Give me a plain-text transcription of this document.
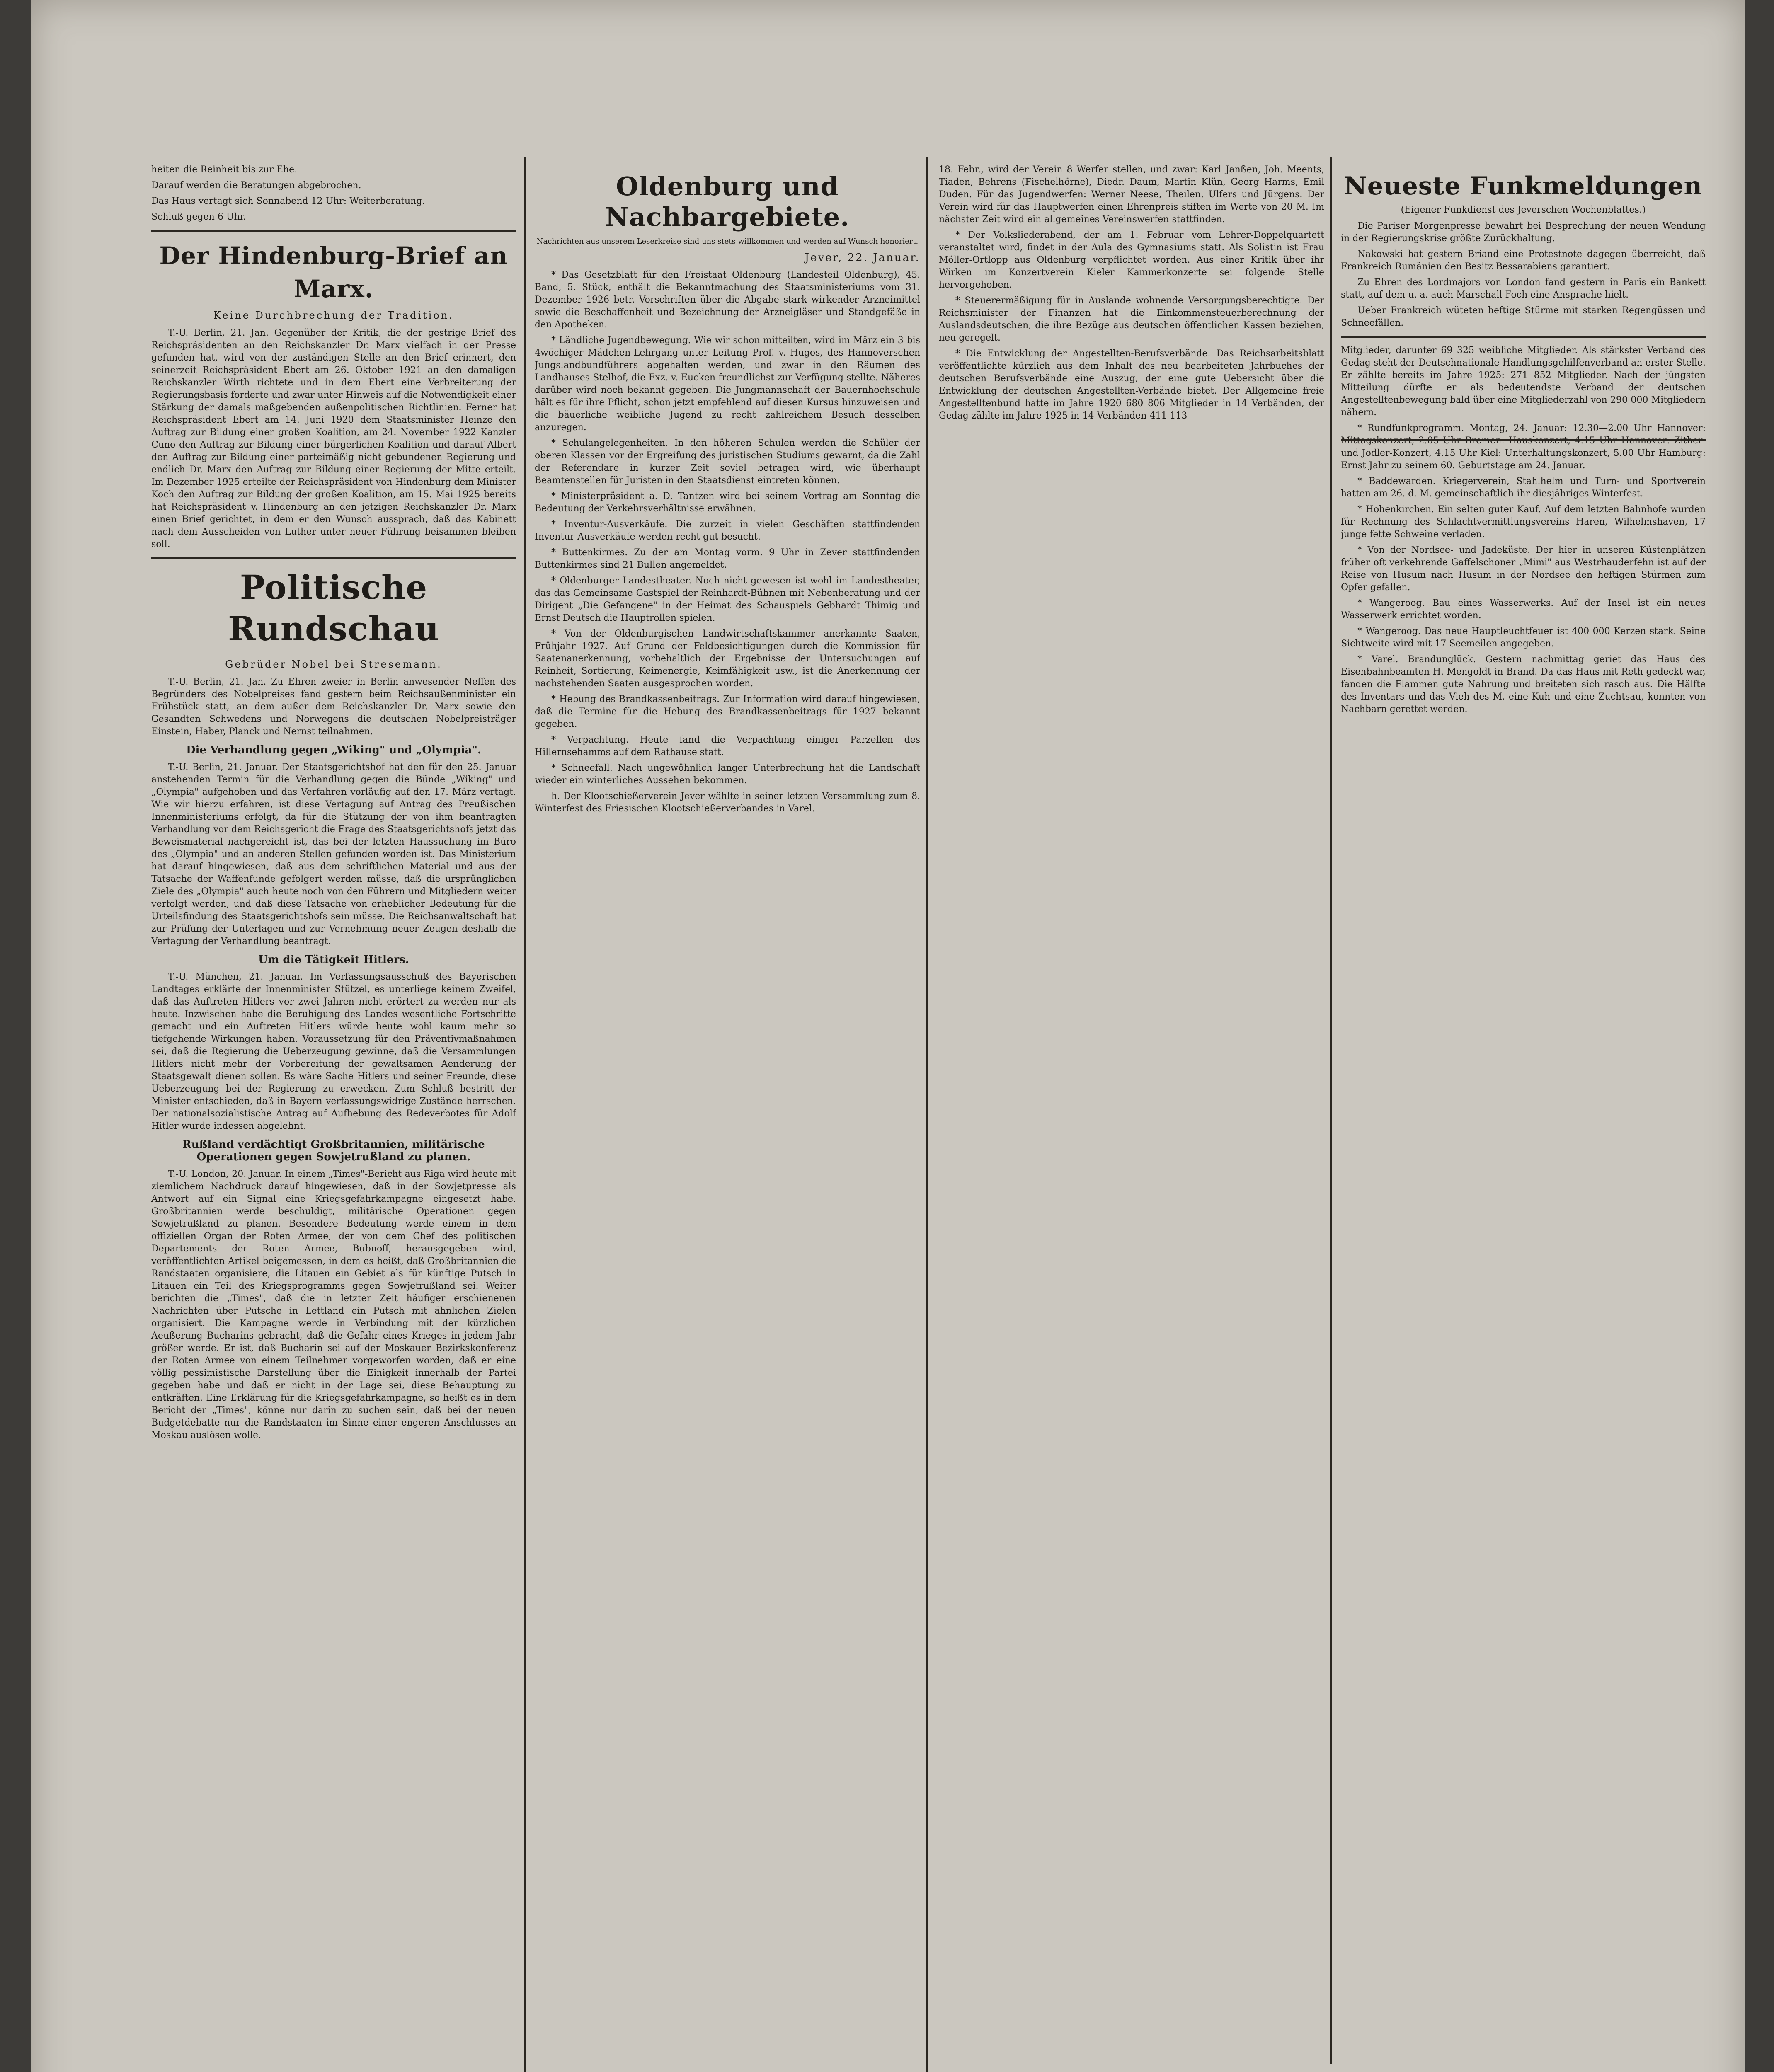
heiten die Reinheit bis zur Ehe.

Darauf werden die Beratungen abgebrochen.

Das Haus vertagt sich Sonnabend 12 Uhr: Weiterberatung.

Schluß gegen 6 Uhr.

Der Hindenburg-Brief an Marx.
Keine Durchbrechung der Tradition.

T.-U. Berlin, 21. Jan. Gegenüber der Kritik, die der gestrige Brief des Reichspräsidenten an den Reichskanzler Dr. Marx vielfach in der Presse gefunden hat, wird von der zuständigen Stelle an den Brief erinnert, den seinerzeit Reichspräsident Ebert am 26. Oktober 1921 an den damaligen Reichskanzler Wirth richtete und in dem Ebert eine Verbreiterung der Regierungsbasis forderte und zwar unter Hinweis auf die Notwendigkeit einer Stärkung der damals maßgebenden außenpolitischen Richtlinien. Ferner hat Reichspräsident Ebert am 14. Juni 1920 dem Staatsminister Heinze den Auftrag zur Bildung einer großen Koalition, am 24. November 1922 Kanzler Cuno den Auftrag zur Bildung einer bürgerlichen Koalition und darauf Albert den Auftrag zur Bildung einer parteimäßig nicht gebundenen Regierung und endlich Dr. Marx den Auftrag zur Bildung einer Regierung der Mitte erteilt. Im Dezember 1925 erteilte der Reichspräsident von Hindenburg dem Minister Koch den Auftrag zur Bildung der großen Koalition, am 15. Mai 1925 bereits hat Reichspräsident v. Hindenburg an den jetzigen Reichskanzler Dr. Marx einen Brief gerichtet, in dem er den Wunsch aussprach, daß das Kabinett nach dem Ausscheiden von Luther unter neuer Führung beisammen bleiben soll.

Politische Rundschau
Gebrüder Nobel bei Stresemann.

T.-U. Berlin, 21. Jan. Zu Ehren zweier in Berlin anwesender Neffen des Begründers des Nobelpreises fand gestern beim Reichsaußenminister ein Frühstück statt, an dem außer dem Reichskanzler Dr. Marx sowie den Gesandten Schwedens und Norwegens die deutschen Nobelpreisträger Einstein, Haber, Planck und Nernst teilnahmen.

Die Verhandlung gegen „Wiking" und „Olympia".

T.-U. Berlin, 21. Januar. Der Staatsgerichtshof hat den für den 25. Januar anstehenden Termin für die Verhandlung gegen die Bünde „Wiking" und „Olympia" aufgehoben und das Verfahren vorläufig auf den 17. März vertagt. Wie wir hierzu erfahren, ist diese Vertagung auf Antrag des Preußischen Innenministeriums erfolgt, da für die Stützung der von ihm beantragten Verhandlung vor dem Reichsgericht die Frage des Staatsgerichtshofs jetzt das Beweismaterial nachgereicht ist, das bei der letzten Haussuchung im Büro des „Olympia" und an anderen Stellen gefunden worden ist. Das Ministerium hat darauf hingewiesen, daß aus dem schriftlichen Material und aus der Tatsache der Waffenfunde gefolgert werden müsse, daß die ursprünglichen Ziele des „Olympia" auch heute noch von den Führern und Mitgliedern weiter verfolgt werden, und daß diese Tatsache von erheblicher Bedeutung für die Urteilsfindung des Staatsgerichtshofs sein müsse. Die Reichsanwaltschaft hat zur Prüfung der Unterlagen und zur Vernehmung neuer Zeugen deshalb die Vertagung der Verhandlung beantragt.

Um die Tätigkeit Hitlers.

T.-U. München, 21. Januar. Im Verfassungsausschuß des Bayerischen Landtages erklärte der Innenminister Stützel, es unterliege keinem Zweifel, daß das Auftreten Hitlers vor zwei Jahren nicht erörtert zu werden nur als heute. Inzwischen habe die Beruhigung des Landes wesentliche Fortschritte gemacht und ein Auftreten Hitlers würde heute wohl kaum mehr so tiefgehende Wirkungen haben. Voraussetzung für den Präventivmaßnahmen sei, daß die Regierung die Ueberzeugung gewinne, daß die Versammlungen Hitlers nicht mehr der Vorbereitung der gewaltsamen Aenderung der Staatsgewalt dienen sollen. Es wäre Sache Hitlers und seiner Freunde, diese Ueberzeugung bei der Regierung zu erwecken. Zum Schluß bestritt der Minister entschieden, daß in Bayern verfassungswidrige Zustände herrschen. Der nationalsozialistische Antrag auf Aufhebung des Redeverbotes für Adolf Hitler wurde indessen abgelehnt.

Rußland verdächtigt Großbritannien, militärische Operationen gegen Sowjetrußland zu planen.

T.-U. London, 20. Januar. In einem „Times"-Bericht aus Riga wird heute mit ziemlichem Nachdruck darauf hingewiesen, daß in der Sowjetpresse als Antwort auf ein Signal eine Kriegsgefahrkampagne eingesetzt habe. Großbritannien werde beschuldigt, militärische Operationen gegen Sowjetrußland zu planen. Besondere Bedeutung werde einem in dem offiziellen Organ der Roten Armee, der von dem Chef des politischen Departements der Roten Armee, Bubnoff, herausgegeben wird, veröffentlichten Artikel beigemessen, in dem es heißt, daß Großbritannien die Randstaaten organisiere, die Litauen ein Gebiet als für künftige Putsch in Litauen ein Teil des Kriegsprogramms gegen Sowjetrußland sei. Weiter berichten die „Times", daß die in letzter Zeit häufiger erschienenen Nachrichten über Putsche in Lettland ein Putsch mit ähnlichen Zielen organisiert. Die Kampagne werde in Verbindung mit der kürzlichen Aeußerung Bucharins gebracht, daß die Gefahr eines Krieges in jedem Jahr größer werde. Er ist, daß Bucharin sei auf der Moskauer Bezirkskonferenz der Roten Armee von einem Teilnehmer vorgeworfen worden, daß er eine völlig pessimistische Darstellung über die Einigkeit innerhalb der Partei gegeben habe und daß er nicht in der Lage sei, diese Behauptung zu entkräften. Eine Erklärung für die Kriegsgefahrkampagne, so heißt es in dem Bericht der „Times", könne nur darin zu suchen sein, daß bei der neuen Budgetdebatte nur die Randstaaten im Sinne einer engeren Anschlusses an Moskau auslösen wolle.

Oldenburg und Nachbargebiete.
Nachrichten aus unserem Leserkreise sind uns stets willkommen und werden auf Wunsch honoriert.
Jever, 22. Januar.

* Das Gesetzblatt für den Freistaat Oldenburg (Landesteil Oldenburg), 45. Band, 5. Stück, enthält die Bekanntmachung des Staatsministeriums vom 31. Dezember 1926 betr. Vorschriften über die Abgabe stark wirkender Arzneimittel sowie die Beschaffenheit und Bezeichnung der Arzneigläser und Standgefäße in den Apotheken.

* Ländliche Jugendbewegung. Wie wir schon mitteilten, wird im März ein 3 bis 4wöchiger Mädchen-Lehrgang unter Leitung Prof. v. Hugos, des Hannoverschen Jungslandbundführers abgehalten werden, und zwar in den Räumen des Landhauses Stelhof, die Exz. v. Eucken freundlichst zur Verfügung stellte. Näheres darüber wird noch bekannt gegeben. Die Jungmannschaft der Bauernhochschule hält es für ihre Pflicht, schon jetzt empfehlend auf diesen Kursus hinzuweisen und die bäuerliche weibliche Jugend zu recht zahlreichem Besuch desselben anzuregen.

* Schulangelegenheiten. In den höheren Schulen werden die Schüler der oberen Klassen vor der Ergreifung des juristischen Studiums gewarnt, da die Zahl der Referendare in kurzer Zeit soviel betragen wird, wie überhaupt Beamtenstellen für Juristen in den Staatsdienst eintreten können.

* Ministerpräsident a. D. Tantzen wird bei seinem Vortrag am Sonntag die Bedeutung der Verkehrsverhältnisse erwähnen.

* Inventur-Ausverkäufe. Die zurzeit in vielen Geschäften stattfindenden Inventur-Ausverkäufe werden recht gut besucht.

* Buttenkirmes. Zu der am Montag vorm. 9 Uhr in Zever stattfindenden Buttenkirmes sind 21 Bullen angemeldet.

* Oldenburger Landestheater. Noch nicht gewesen ist wohl im Landestheater, das das Gemeinsame Gastspiel der Reinhardt-Bühnen mit Nebenberatung und der Dirigent „Die Gefangene" in der Heimat des Schauspiels Gebhardt Thimig und Ernst Deutsch die Hauptrollen spielen.

* Von der Oldenburgischen Landwirtschaftskammer anerkannte Saaten, Frühjahr 1927. Auf Grund der Feldbesichtigungen durch die Kommission für Saatenanerkennung, vorbehaltlich der Ergebnisse der Untersuchungen auf Reinheit, Sortierung, Keimenergie, Keimfähigkeit usw., ist die Anerkennung der nachstehenden Saaten ausgesprochen worden.

* Hebung des Brandkassenbeitrags. Zur Information wird darauf hingewiesen, daß die Termine für die Hebung des Brandkassenbeitrags für 1927 bekannt gegeben.

* Verpachtung. Heute fand die Verpachtung einiger Parzellen des Hillernsehamms auf dem Rathause statt.

* Schneefall. Nach ungewöhnlich langer Unterbrechung hat die Landschaft wieder ein winterliches Aussehen bekommen.

h. Der Klootschießerverein Jever wählte in seiner letzten Versammlung zum 8. Winterfest des Friesischen Klootschießerverbandes in Varel.

18. Febr., wird der Verein 8 Werfer stellen, und zwar: Karl Janßen, Joh. Meents, Tiaden, Behrens (Fischelhörne), Diedr. Daum, Martin Klün, Georg Harms, Emil Duden. Für das Jugendwerfen: Werner Neese, Theilen, Ulfers und Jürgens. Der Verein wird für das Hauptwerfen einen Ehrenpreis stiften im Werte von 20 M. Im nächster Zeit wird ein allgemeines Vereinswerfen stattfinden.

* Der Volksliederabend, der am 1. Februar vom Lehrer-Doppelquartett veranstaltet wird, findet in der Aula des Gymnasiums statt. Als Solistin ist Frau Möller-Ortlopp aus Oldenburg verpflichtet worden. Aus einer Kritik über ihr Wirken im Konzertverein Kieler Kammerkonzerte sei folgende Stelle hervorgehoben.

* Steuerermäßigung für in Auslande wohnende Versorgungsberechtigte. Der Reichsminister der Finanzen hat die Einkommensteuerberechnung der Auslandsdeutschen, die ihre Bezüge aus deutschen öffentlichen Kassen beziehen, neu geregelt.

* Die Entwicklung der Angestellten-Berufsverbände. Das Reichsarbeitsblatt veröffentlichte kürzlich aus dem Inhalt des neu bearbeiteten Jahrbuches der deutschen Berufsverbände eine Auszug, der eine gute Uebersicht über die Entwicklung der deutschen Angestellten-Verbände bietet. Der Allgemeine freie Angestelltenbund hatte im Jahre 1920 680 806 Mitglieder in 14 Verbänden, der Gedag zählte im Jahre 1925 in 14 Verbänden 411 113

Neueste Funkmeldungen
(Eigener Funkdienst des Jeverschen Wochenblattes.)

Die Pariser Morgenpresse bewahrt bei Besprechung der neuen Wendung in der Regierungskrise größte Zurückhaltung.

Nakowski hat gestern Briand eine Protestnote dagegen überreicht, daß Frankreich Rumänien den Besitz Bessarabiens garantiert.

Zu Ehren des Lordmajors von London fand gestern in Paris ein Bankett statt, auf dem u. a. auch Marschall Foch eine Ansprache hielt.

Ueber Frankreich wüteten heftige Stürme mit starken Regengüssen und Schneefällen.

Mitglieder, darunter 69 325 weibliche Mitglieder. Als stärkster Verband des Gedag steht der Deutschnationale Handlungsgehilfenverband an erster Stelle. Er zählte bereits im Jahre 1925: 271 852 Mitglieder. Nach der jüngsten Mitteilung dürfte er als bedeutendste Verband der deutschen Angestelltenbewegung bald über eine Mitgliederzahl von 290 000 Mitgliedern nähern.

* Rundfunkprogramm. Montag, 24. Januar: 12.30—2.00 Uhr Hannover: Mittagskonzert, 2.05 Uhr Bremen: Hauskonzert, 4.15 Uhr Hannover: Zither- und Jodler-Konzert, 4.15 Uhr Kiel: Unterhaltungskonzert, 5.00 Uhr Hamburg: Ernst Jahr zu seinem 60. Geburtstage am 24. Januar.

* Baddewarden. Kriegerverein, Stahlhelm und Turn- und Sportverein hatten am 26. d. M. gemeinschaftlich ihr diesjähriges Winterfest.

* Hohenkirchen. Ein selten guter Kauf. Auf dem letzten Bahnhofe wurden für Rechnung des Schlachtvermittlungsvereins Haren, Wilhelmshaven, 17 junge fette Schweine verladen.

* Von der Nordsee- und Jadeküste. Der hier in unseren Küstenplätzen früher oft verkehrende Gaffelschoner „Mimi" aus Westrhauderfehn ist auf der Reise von Husum nach Husum in der Nordsee den heftigen Stürmen zum Opfer gefallen.

* Wangeroog. Bau eines Wasserwerks. Auf der Insel ist ein neues Wasserwerk errichtet worden.

* Wangeroog. Das neue Hauptleuchtfeuer ist 400 000 Kerzen stark. Seine Sichtweite wird mit 17 Seemeilen angegeben.

* Varel. Brandunglück. Gestern nachmittag geriet das Haus des Eisenbahnbeamten H. Mengoldt in Brand. Da das Haus mit Reth gedeckt war, fanden die Flammen gute Nahrung und breiteten sich rasch aus. Die Hälfte des Inventars und das Vieh des M. eine Kuh und eine Zuchtsau, konnten von Nachbarn gerettet werden.
